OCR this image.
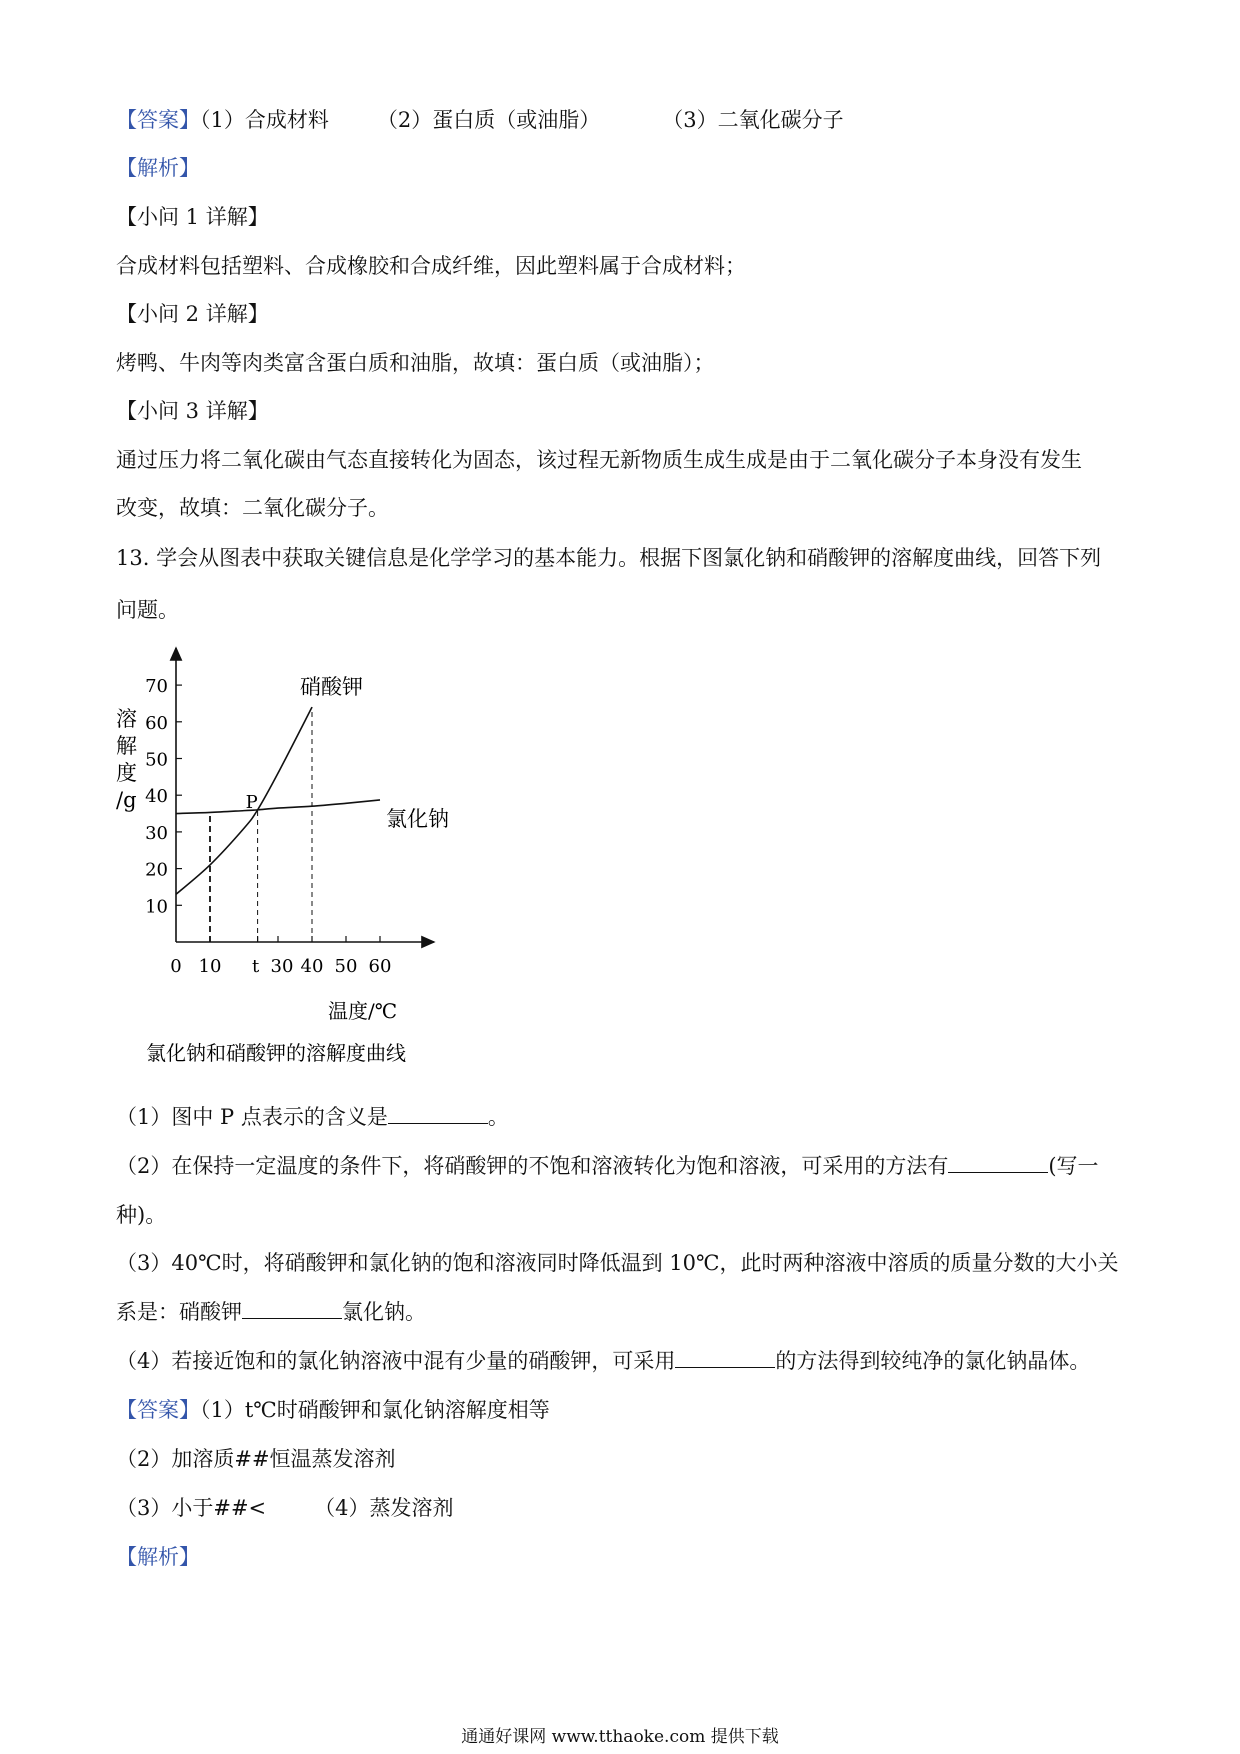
【答案】（1）合成材料 （2）蛋白质（或油脂）	（3）二氧化碳分子
【解析】
【小问 1 详解】
合成材料包括塑料、合成橡胶和合成纤维，因此塑料属于合成材料；
【小问 2 详解】
烤鸭、牛肉等肉类富含蛋白质和油脂，故填：蛋白质（或油脂）；
【小问 3 详解】
通过压力将二氧化碳由气态直接转化为固态，该过程无新物质生成生成是由于二氧化碳分子本身没有发生
改变，故填：二氧化碳分子。
13. 学会从图表中获取关键信息是化学学习的基本能力。根据下图氯化钠和硝酸钾的溶解度曲线，回答下列
问题。
10
20
30
40
50
60
70
0 10 t 30 40 50 60
溶
解
度
/g
硝酸钾
氯化钠
P
温度/℃
氯化钠和硝酸钾的溶解度曲线
（1）图中 P 点表示的含义是	。
（2）在保持一定温度的条件下，将硝酸钾的不饱和溶液转化为饱和溶液，可采用的方法有	(写一
种)。
（3）40℃时，将硝酸钾和氯化钠的饱和溶液同时降低温到 10℃，此时两种溶液中溶质的质量分数的大小关
系是：硝酸钾	氯化钠。
（4）若接近饱和的氯化钠溶液中混有少量的硝酸钾，可采用	的方法得到较纯净的氯化钠晶体。
【答案】（1）t℃时硝酸钾和氯化钠溶解度相等
（2）加溶质##恒温蒸发溶剂
（3）小于##< （4）蒸发溶剂
【解析】
通通好课网 www.tthaoke.com 提供下载
